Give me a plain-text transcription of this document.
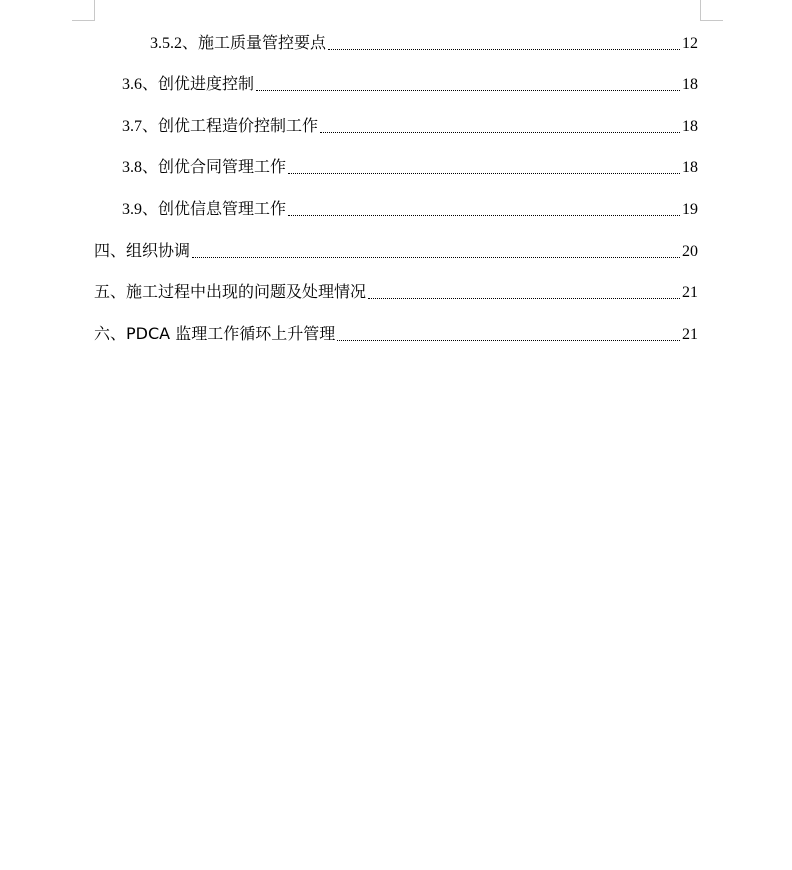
3.5.2、 施工质量管控要点	12
3.6、 创优进度控制	18
3.7、 创优工程造价控制工作	18
3.8、 创优合同管理工作	18
3.9、 创优信息管理工作	19
四、 组织协调	20
五、 施工过程中出现的问题及处理情况	21
六、 PDCA 监理工作循环上升管理	21
